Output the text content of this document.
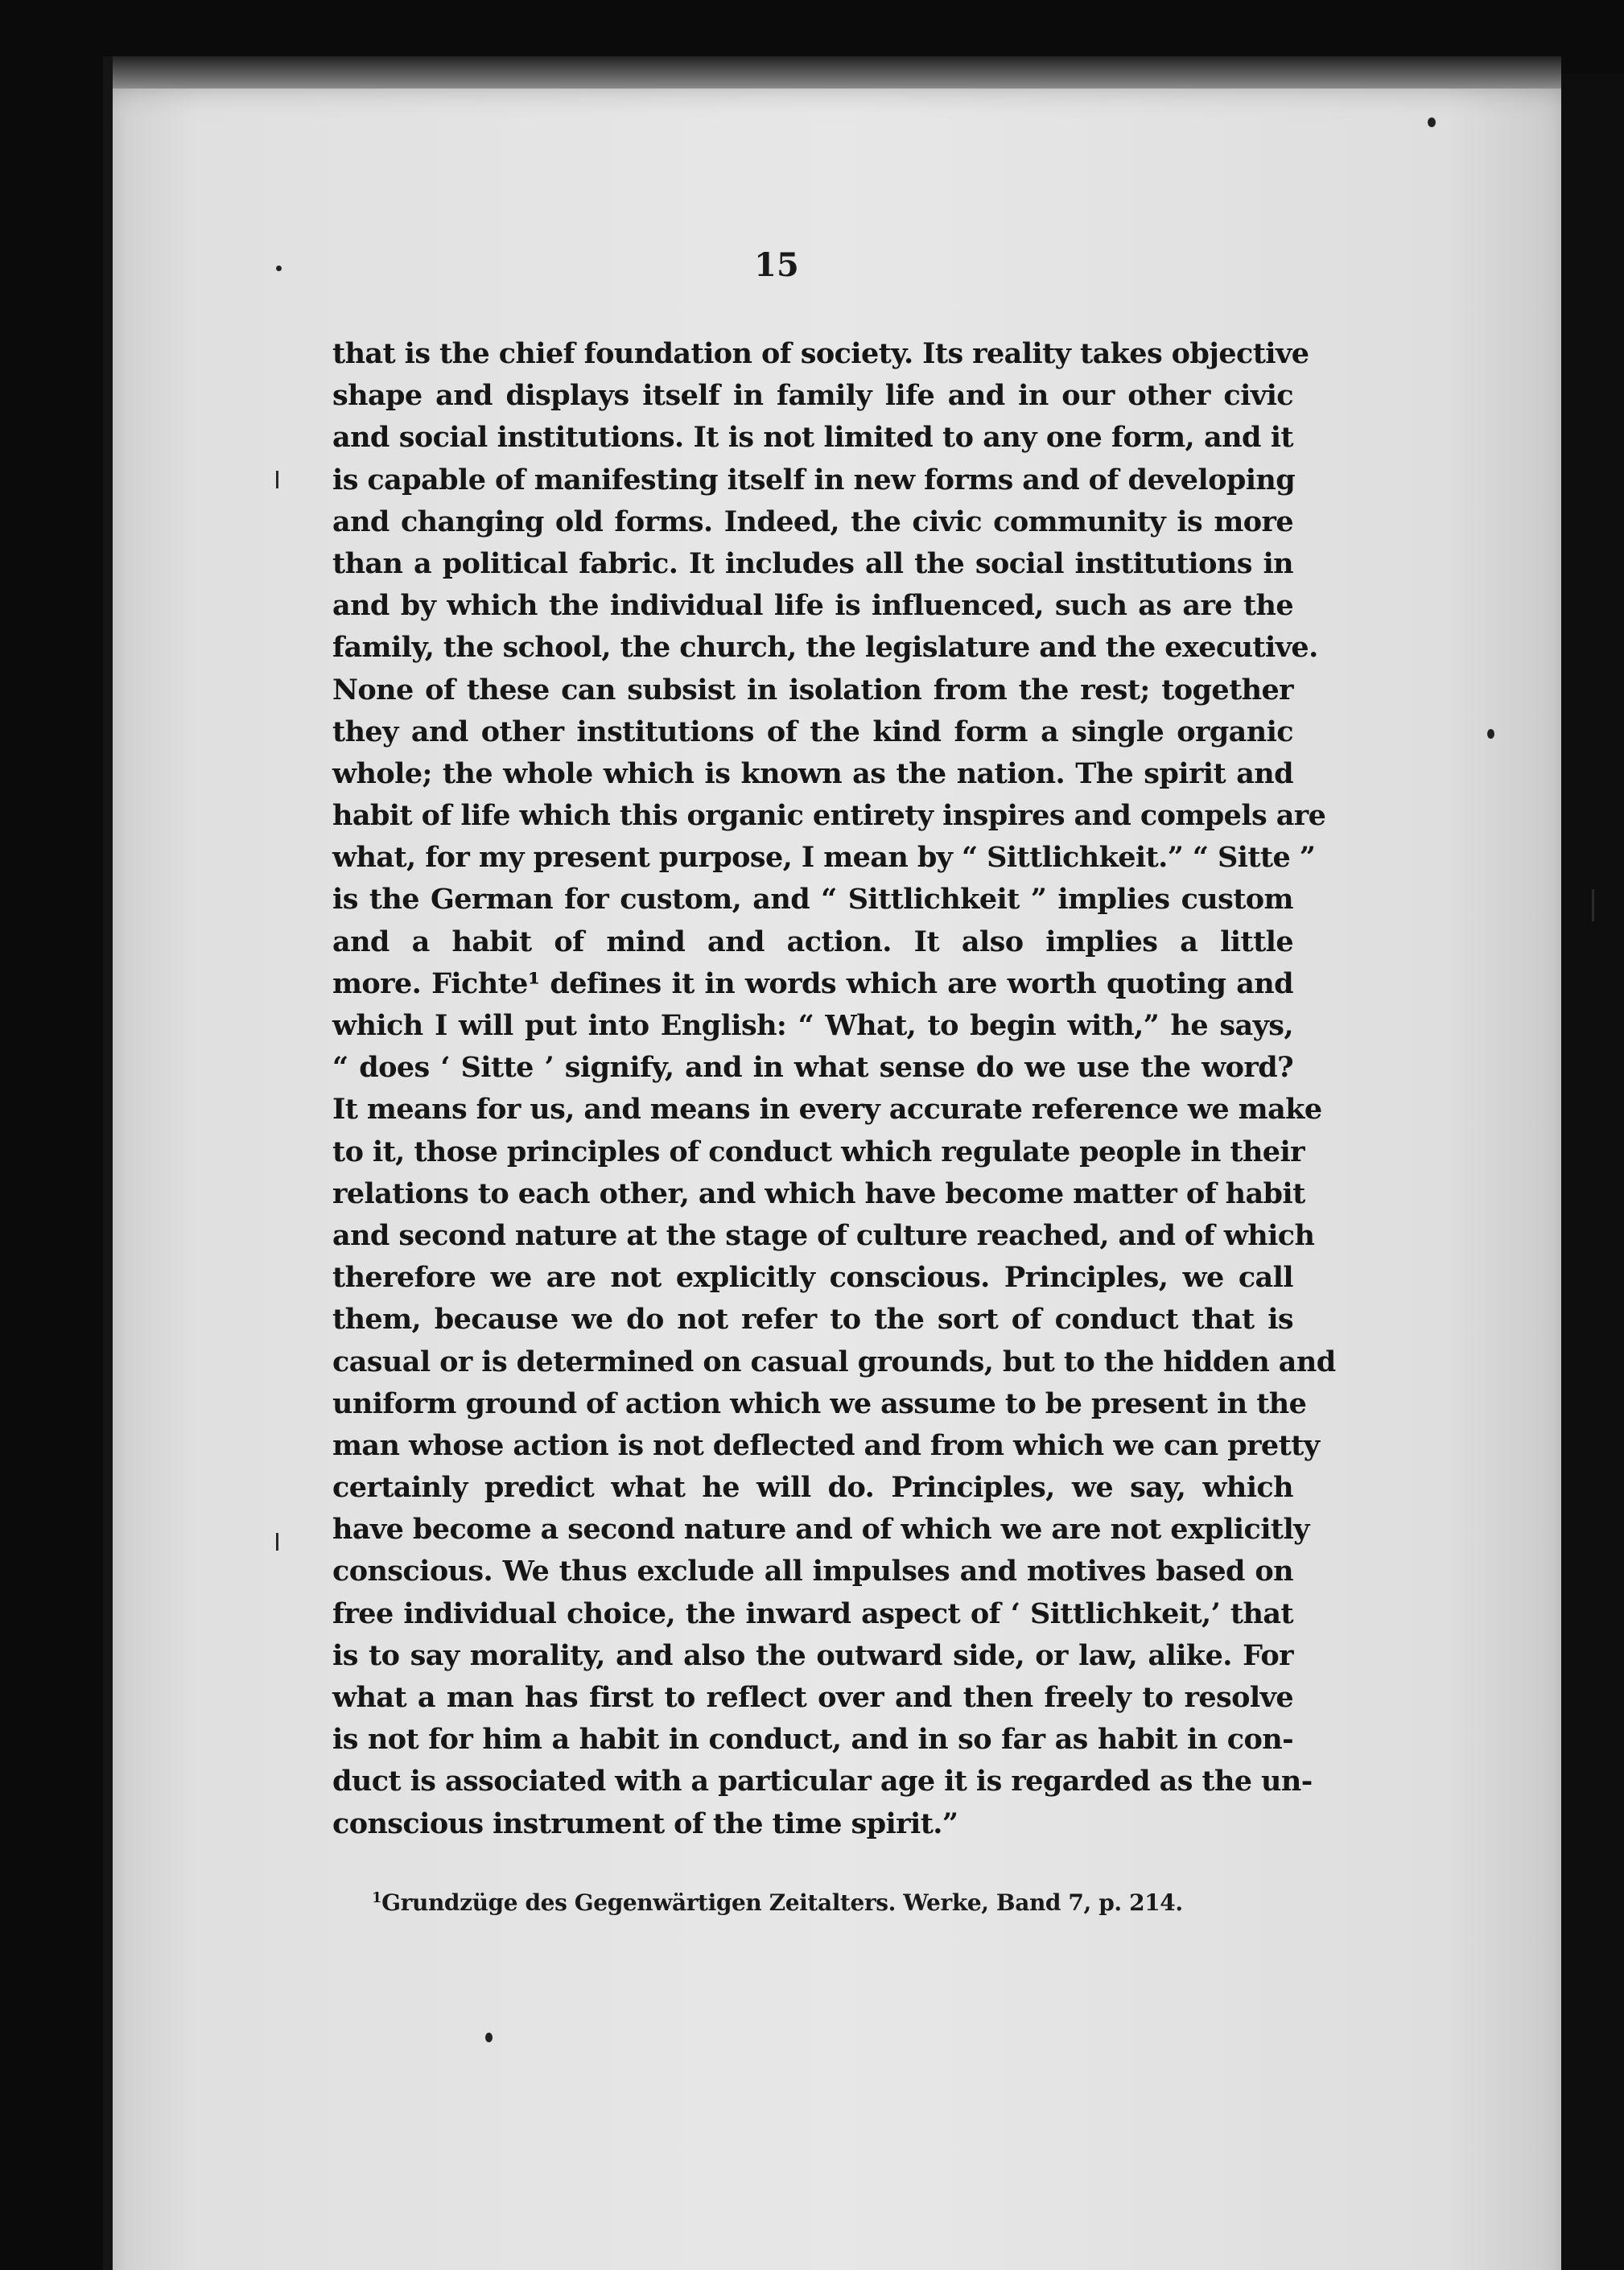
15
that is the chief foundation of society. Its reality takes objective
shape and displays itself in family life and in our other civic
and social institutions. It is not limited to any one form, and it
is capable of manifesting itself in new forms and of developing
and changing old forms. Indeed, the civic community is more
than a political fabric. It includes all the social institutions in
and by which the individual life is influenced, such as are the
family, the school, the church, the legislature and the executive.
None of these can subsist in isolation from the rest; together
they and other institutions of the kind form a single organic
whole; the whole which is known as the nation. The spirit and
habit of life which this organic entirety inspires and compels are
what, for my present purpose, I mean by “ Sittlichkeit.” “ Sitte ”
is the German for custom, and “ Sittlichkeit ” implies custom
and a habit of mind and action. It also implies a little
more. Fichte¹ defines it in words which are worth quoting and
which I will put into English: “ What, to begin with,” he says,
“ does ‘ Sitte ’ signify, and in what sense do we use the word?
It means for us, and means in every accurate reference we make
to it, those principles of conduct which regulate people in their
relations to each other, and which have become matter of habit
and second nature at the stage of culture reached, and of which
therefore we are not explicitly conscious. Principles, we call
them, because we do not refer to the sort of conduct that is
casual or is determined on casual grounds, but to the hidden and
uniform ground of action which we assume to be present in the
man whose action is not deflected and from which we can pretty
certainly predict what he will do. Principles, we say, which
have become a second nature and of which we are not explicitly
conscious. We thus exclude all impulses and motives based on
free individual choice, the inward aspect of ‘ Sittlichkeit,’ that
is to say morality, and also the outward side, or law, alike. For
what a man has first to reflect over and then freely to resolve
is not for him a habit in conduct, and in so far as habit in con-
duct is associated with a particular age it is regarded as the un-
conscious instrument of the time spirit.”
$^1$Grundzüge des Gegenwärtigen Zeitalters. Werke, Band 7, p. 214.
